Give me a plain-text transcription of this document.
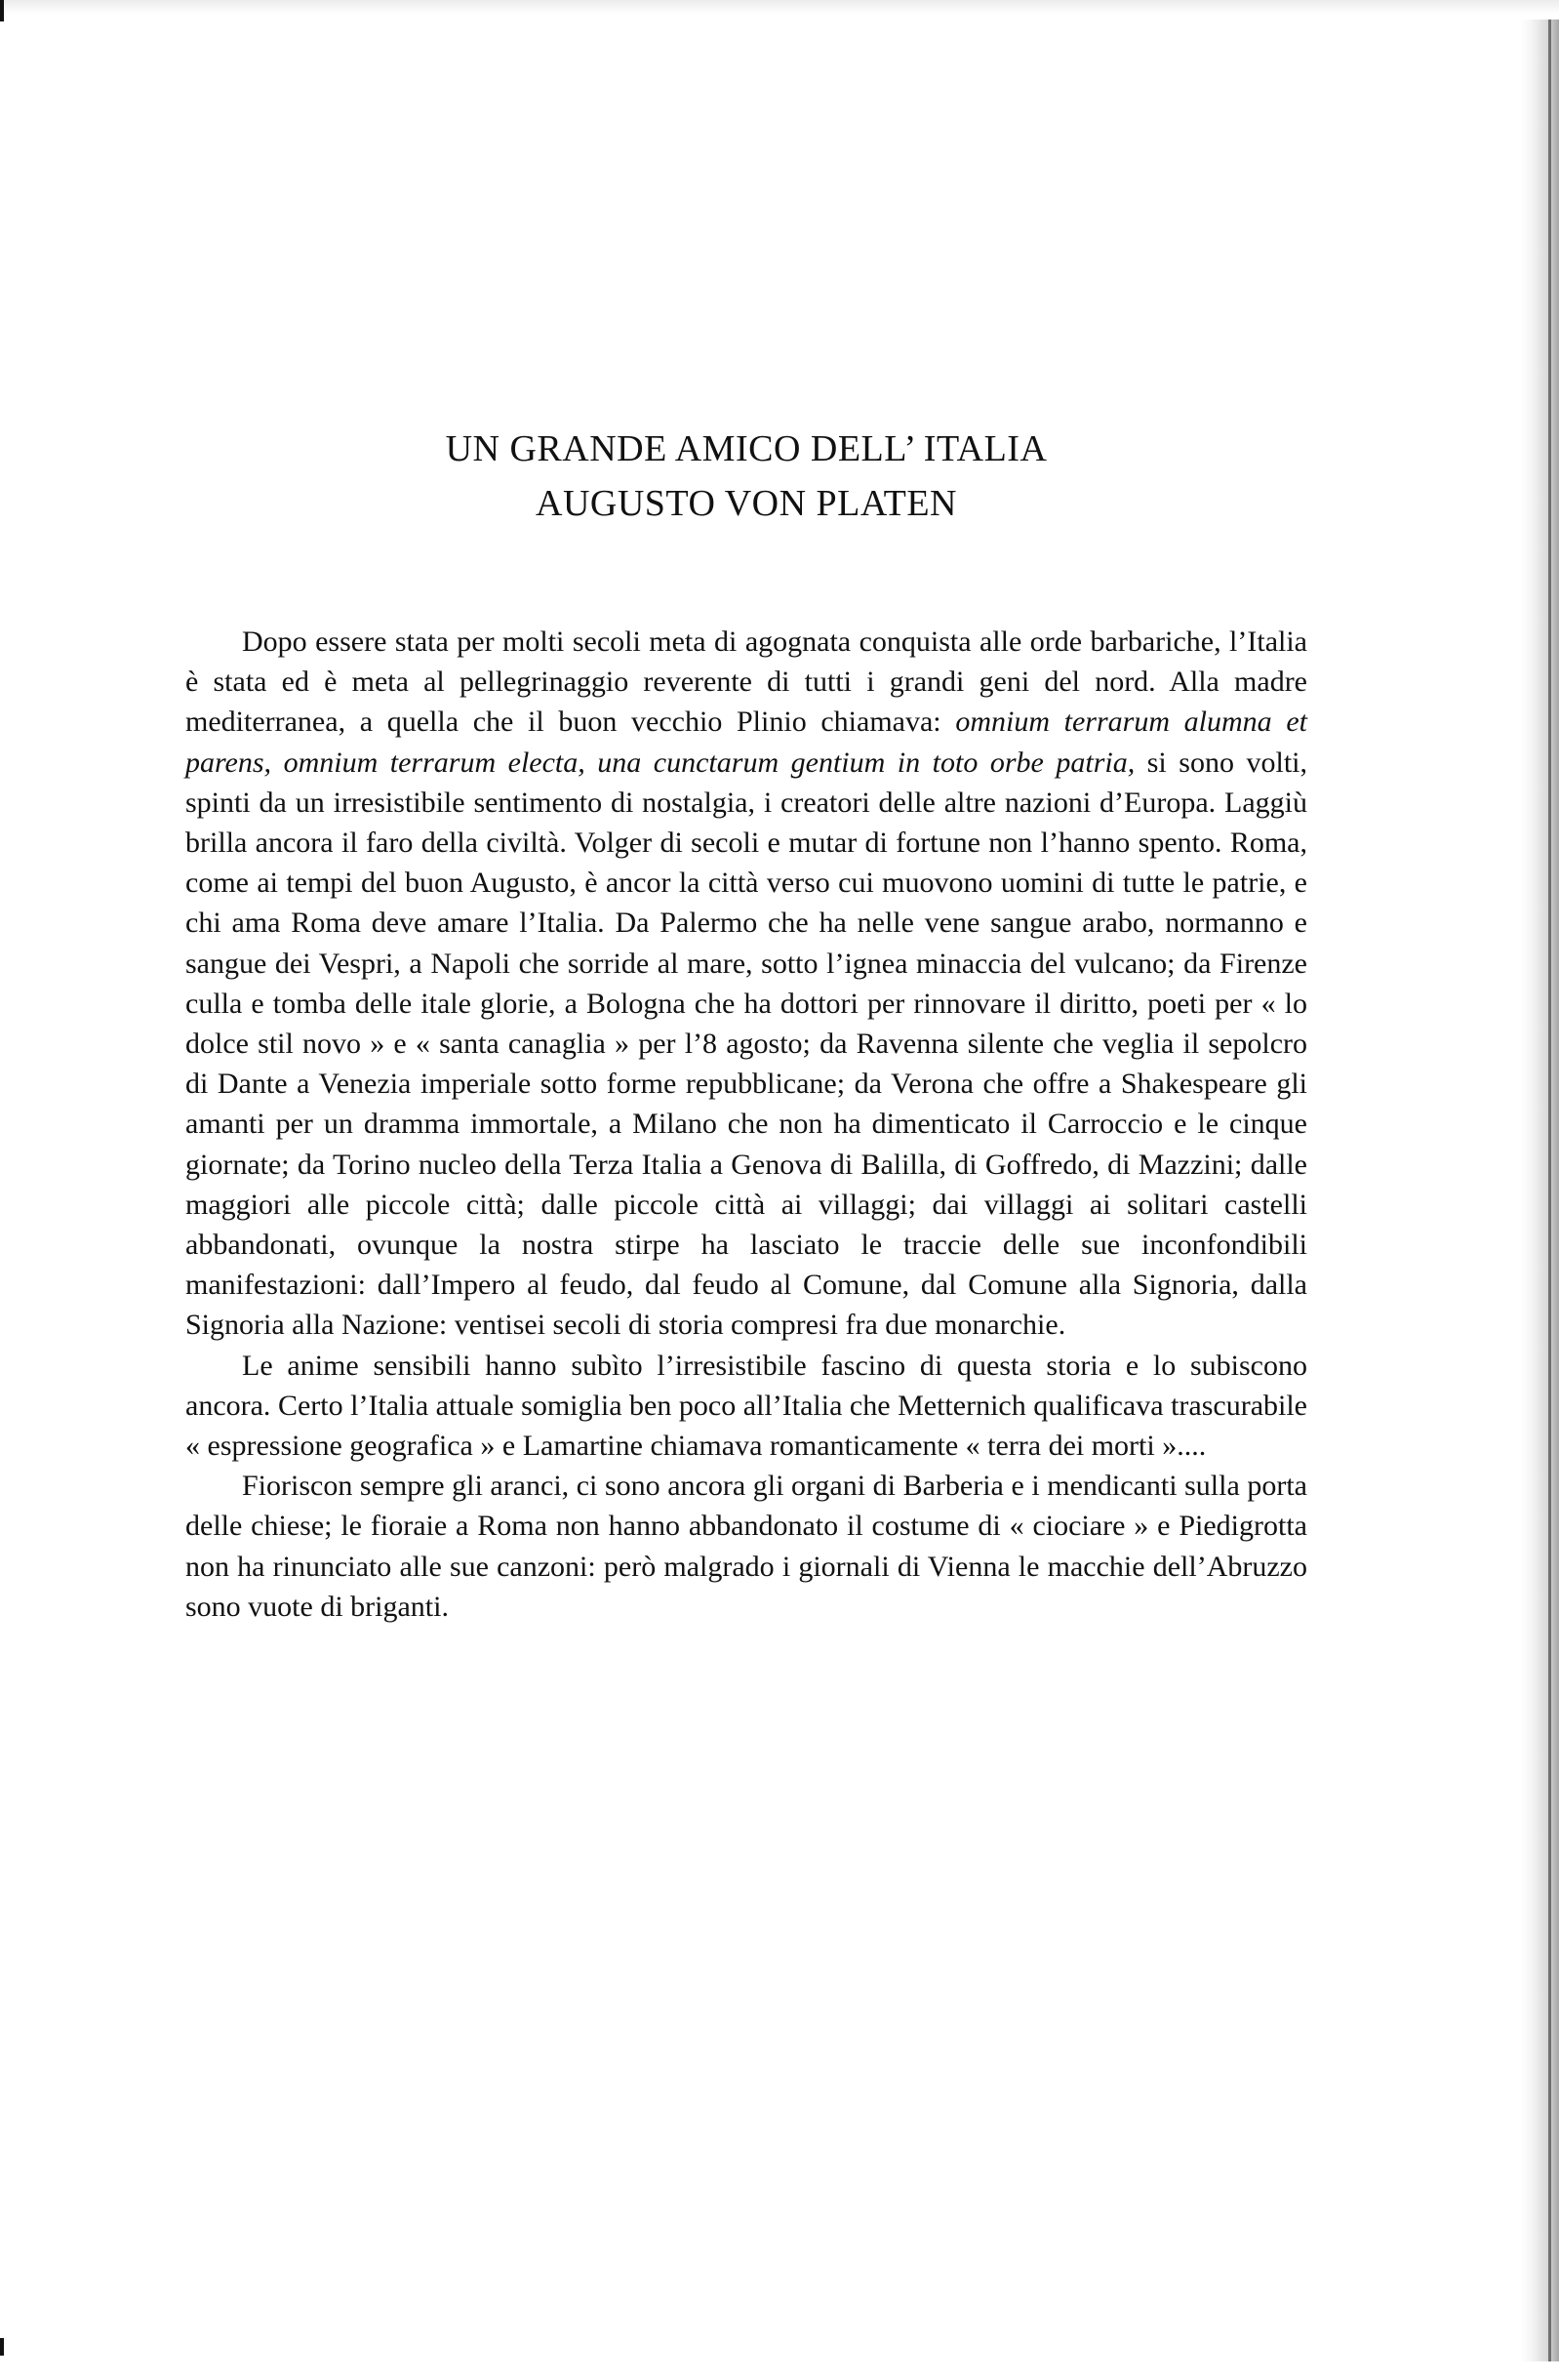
UN GRANDE AMICO DELL’ ITALIA
AUGUSTO VON PLATEN

Dopo essere stata per molti secoli meta di agognata conquista alle orde barbariche, l’Italia è stata ed è meta al pellegrinaggio reverente di tutti i grandi geni del nord. Alla madre mediterranea, a quella che il buon vecchio Plinio chiamava: omnium terrarum alumna et parens, omnium terrarum electa, una cunctarum gentium in toto orbe patria, si sono volti, spinti da un irresistibile sentimento di nostalgia, i creatori delle altre nazioni d’Europa. Laggiù brilla ancora il faro della civiltà. Volger di secoli e mutar di fortune non l’hanno spento. Roma, come ai tempi del buon Augusto, è ancor la città verso cui muovono uomini di tutte le patrie, e chi ama Roma deve amare l’Italia. Da Palermo che ha nelle vene sangue arabo, normanno e sangue dei Vespri, a Napoli che sorride al mare, sotto l’ignea minaccia del vulcano; da Firenze culla e tomba delle itale glorie, a Bologna che ha dottori per rinnovare il diritto, poeti per « lo dolce stil novo » e « santa canaglia » per l’8 agosto; da Ravenna silente che veglia il sepolcro di Dante a Venezia imperiale sotto forme repubblicane; da Verona che offre a Shakespeare gli amanti per un dramma immortale, a Milano che non ha dimenticato il Carroccio e le cinque giornate; da Torino nucleo della Terza Italia a Genova di Balilla, di Goffredo, di Mazzini; dalle maggiori alle piccole città; dalle piccole città ai villaggi; dai villaggi ai solitari castelli abbandonati, ovunque la nostra stirpe ha lasciato le traccie delle sue inconfondibili manifestazioni: dall’Impero al feudo, dal feudo al Comune, dal Comune alla Signoria, dalla Signoria alla Nazione: ventisei secoli di storia compresi fra due monarchie.

Le anime sensibili hanno subìto l’irresistibile fascino di questa storia e lo subiscono ancora. Certo l’Italia attuale somiglia ben poco all’Italia che Metternich qualificava trascurabile « espressione geografica » e Lamartine chiamava romanticamente « terra dei morti »....

Fioriscon sempre gli aranci, ci sono ancora gli organi di Barberia e i mendicanti sulla porta delle chiese; le fioraie a Roma non hanno abbandonato il costume di « ciociare » e Piedigrotta non ha rinunciato alle sue canzoni: però malgrado i giornali di Vienna le macchie dell’Abruzzo sono vuote di briganti.
